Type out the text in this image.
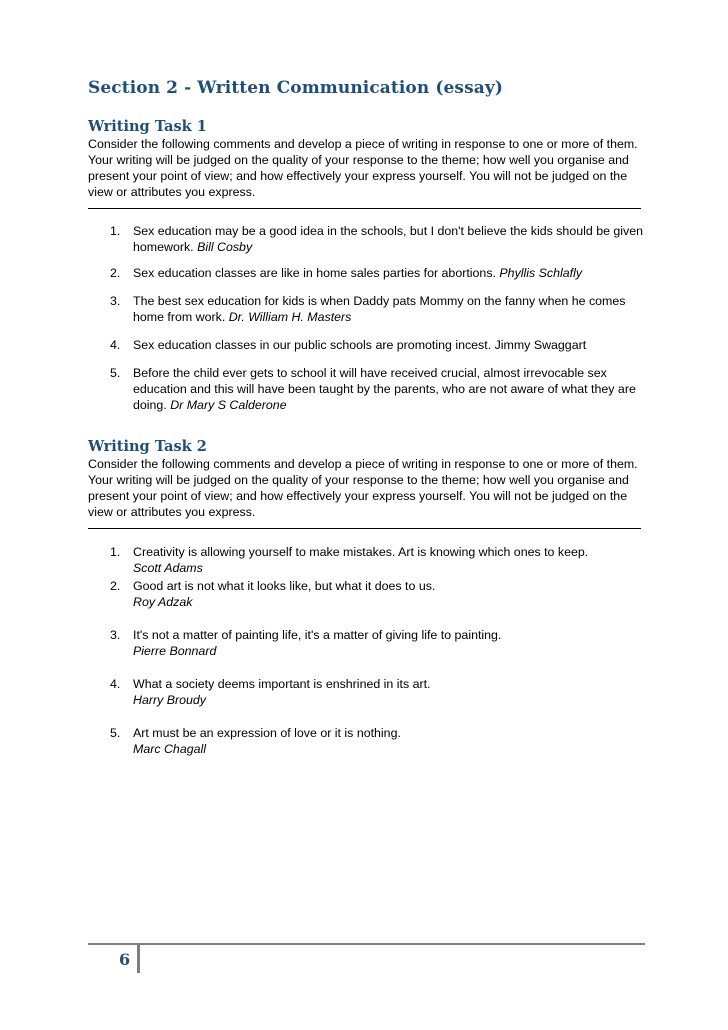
Section 2 - Written Communication (essay)
Writing Task 1
Consider the following comments and develop a piece of writing in response to one or more of them. Your writing will be judged on the quality of your response to the theme; how well you organise and present your point of view; and how effectively your express yourself. You will not be judged on the view or attributes you express.
1. Sex education may be a good idea in the schools, but I don't believe the kids should be given homework. Bill Cosby
2. Sex education classes are like in home sales parties for abortions. Phyllis Schlafly
3. The best sex education for kids is when Daddy pats Mommy on the fanny when he comes home from work. Dr. William H. Masters
4. Sex education classes in our public schools are promoting incest. Jimmy Swaggart
5. Before the child ever gets to school it will have received crucial, almost irrevocable sex education and this will have been taught by the parents, who are not aware of what they are doing. Dr Mary S Calderone
Writing Task 2
Consider the following comments and develop a piece of writing in response to one or more of them. Your writing will be judged on the quality of your response to the theme; how well you organise and present your point of view; and how effectively your express yourself. You will not be judged on the view or attributes you express.
1. Creativity is allowing yourself to make mistakes. Art is knowing which ones to keep.
Scott Adams
2. Good art is not what it looks like, but what it does to us.
Roy Adzak
3. It's not a matter of painting life, it's a matter of giving life to painting.
Pierre Bonnard
4. What a society deems important is enshrined in its art.
Harry Broudy
5. Art must be an expression of love or it is nothing.
Marc Chagall
6
